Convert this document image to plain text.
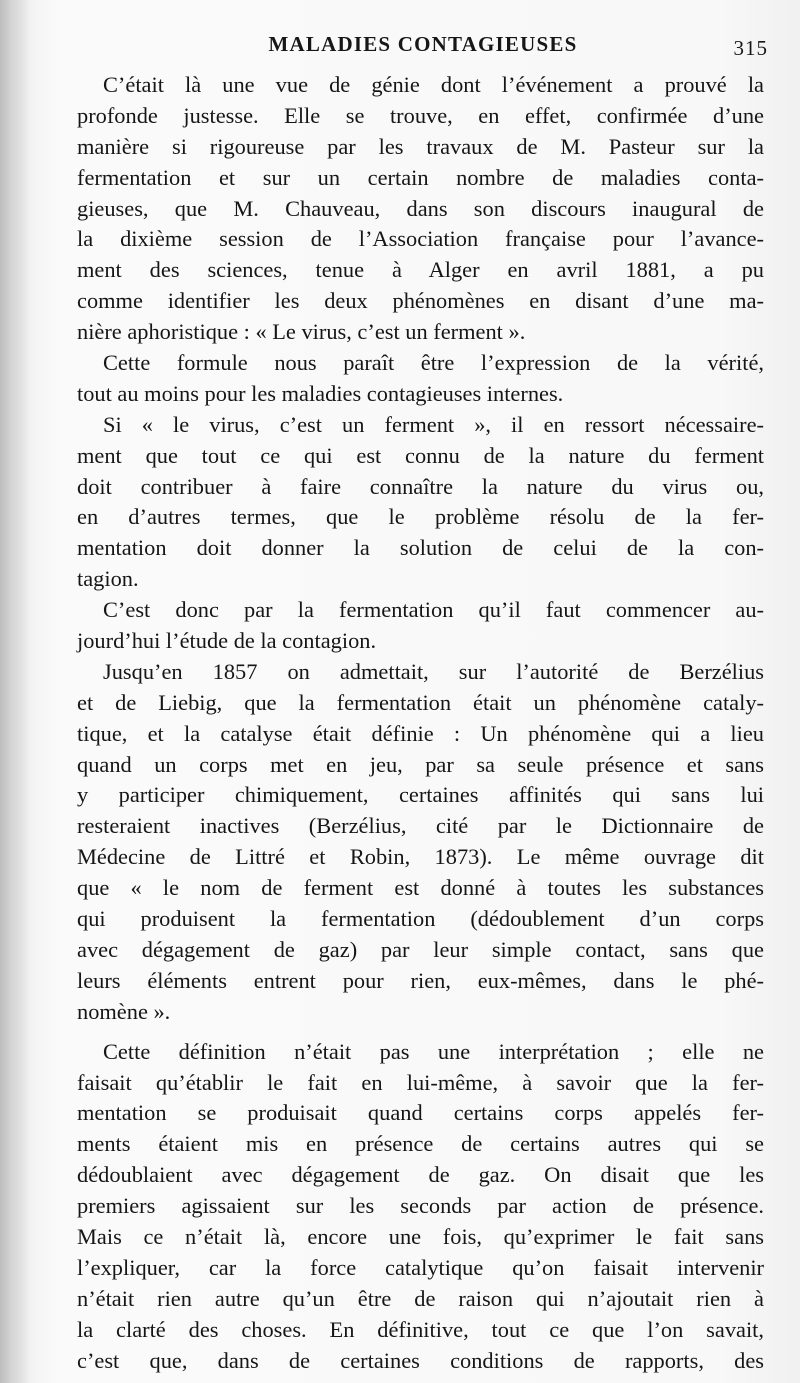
MALADIES CONTAGIEUSES	315
C’était là une vue de génie dont l’événement a prouvé la
profonde justesse. Elle se trouve, en effet, confirmée d’une
manière si rigoureuse par les travaux de M. Pasteur sur la
fermentation et sur un certain nombre de maladies conta-
gieuses, que M. Chauveau, dans son discours inaugural de
la dixième session de l’Association française pour l’avance-
ment des sciences, tenue à Alger en avril 1881, a pu
comme identifier les deux phénomènes en disant d’une ma-
nière aphoristique : « Le virus, c’est un ferment ».
Cette formule nous paraît être l’expression de la vérité,
tout au moins pour les maladies contagieuses internes.
Si « le virus, c’est un ferment », il en ressort nécessaire-
ment que tout ce qui est connu de la nature du ferment
doit contribuer à faire connaître la nature du virus ou,
en d’autres termes, que le problème résolu de la fer-
mentation doit donner la solution de celui de la con-
tagion.
C’est donc par la fermentation qu’il faut commencer au-
jourd’hui l’étude de la contagion.
Jusqu’en 1857 on admettait, sur l’autorité de Berzélius
et de Liebig, que la fermentation était un phénomène cataly-
tique, et la catalyse était définie : Un phénomène qui a lieu
quand un corps met en jeu, par sa seule présence et sans
y participer chimiquement, certaines affinités qui sans lui
resteraient inactives (Berzélius, cité par le Dictionnaire de
Médecine de Littré et Robin, 1873). Le même ouvrage dit
que « le nom de ferment est donné à toutes les substances
qui produisent la fermentation (dédoublement d’un corps
avec dégagement de gaz) par leur simple contact, sans que
leurs éléments entrent pour rien, eux-mêmes, dans le phé-
nomène ».
Cette définition n’était pas une interprétation ; elle ne
faisait qu’établir le fait en lui-même, à savoir que la fer-
mentation se produisait quand certains corps appelés fer-
ments étaient mis en présence de certains autres qui se
dédoublaient avec dégagement de gaz. On disait que les
premiers agissaient sur les seconds par action de présence.
Mais ce n’était là, encore une fois, qu’exprimer le fait sans
l’expliquer, car la force catalytique qu’on faisait intervenir
n’était rien autre qu’un être de raison qui n’ajoutait rien à
la clarté des choses. En définitive, tout ce que l’on savait,
c’est que, dans de certaines conditions de rapports, des
